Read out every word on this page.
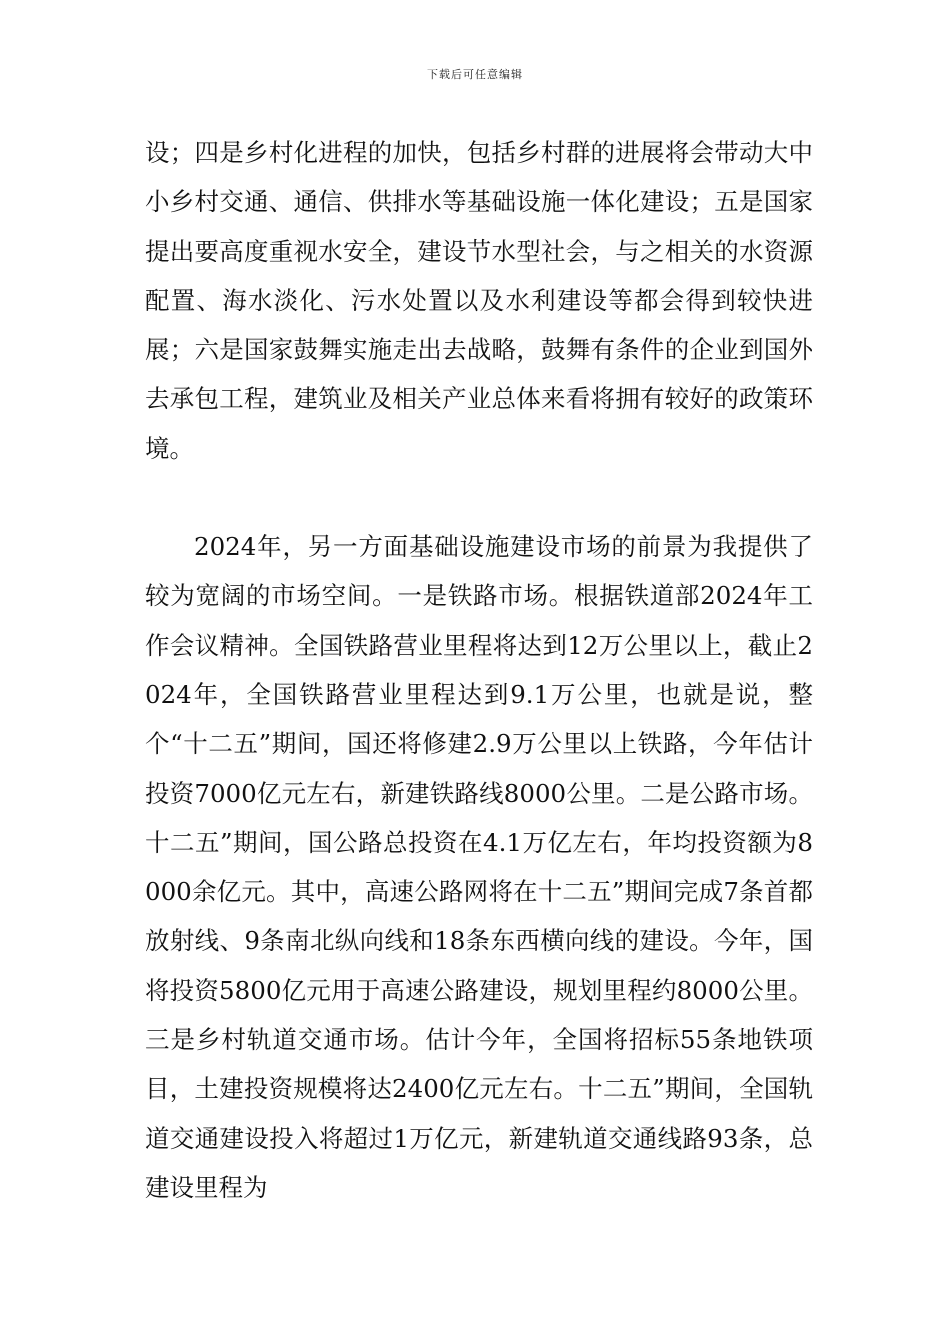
下载后可任意编辑

设；四是乡村化进程的加快，包括乡村群的进展将会带动大中小乡村交通、通信、供排水等基础设施一体化建设；五是国家提出要高度重视水安全，建设节水型社会，与之相关的水资源配置、海水淡化、污水处置以及水利建设等都会得到较快进展；六是国家鼓舞实施走出去战略，鼓舞有条件的企业到国外去承包工程，建筑业及相关产业总体来看将拥有较好的政策环境。

2024年，另一方面基础设施建设市场的前景为我提供了较为宽阔的市场空间。一是铁路市场。根据铁道部2024年工作会议精神。全国铁路营业里程将达到12万公里以上，截止2024年，全国铁路营业里程达到9.1万公里，也就是说，整个“十二五”期间，国还将修建2.9万公里以上铁路，今年估计投资7000亿元左右，新建铁路线8000公里。二是公路市场。十二五”期间，国公路总投资在4.1万亿左右，年均投资额为8000余亿元。其中，高速公路网将在十二五”期间完成7条首都放射线、9条南北纵向线和18条东西横向线的建设。今年，国将投资5800亿元用于高速公路建设，规划里程约8000公里。三是乡村轨道交通市场。估计今年，全国将招标55条地铁项目，土建投资规模将达2400亿元左右。十二五”期间，全国轨道交通建设投入将超过1万亿元，新建轨道交通线路93条，总建设里程为
